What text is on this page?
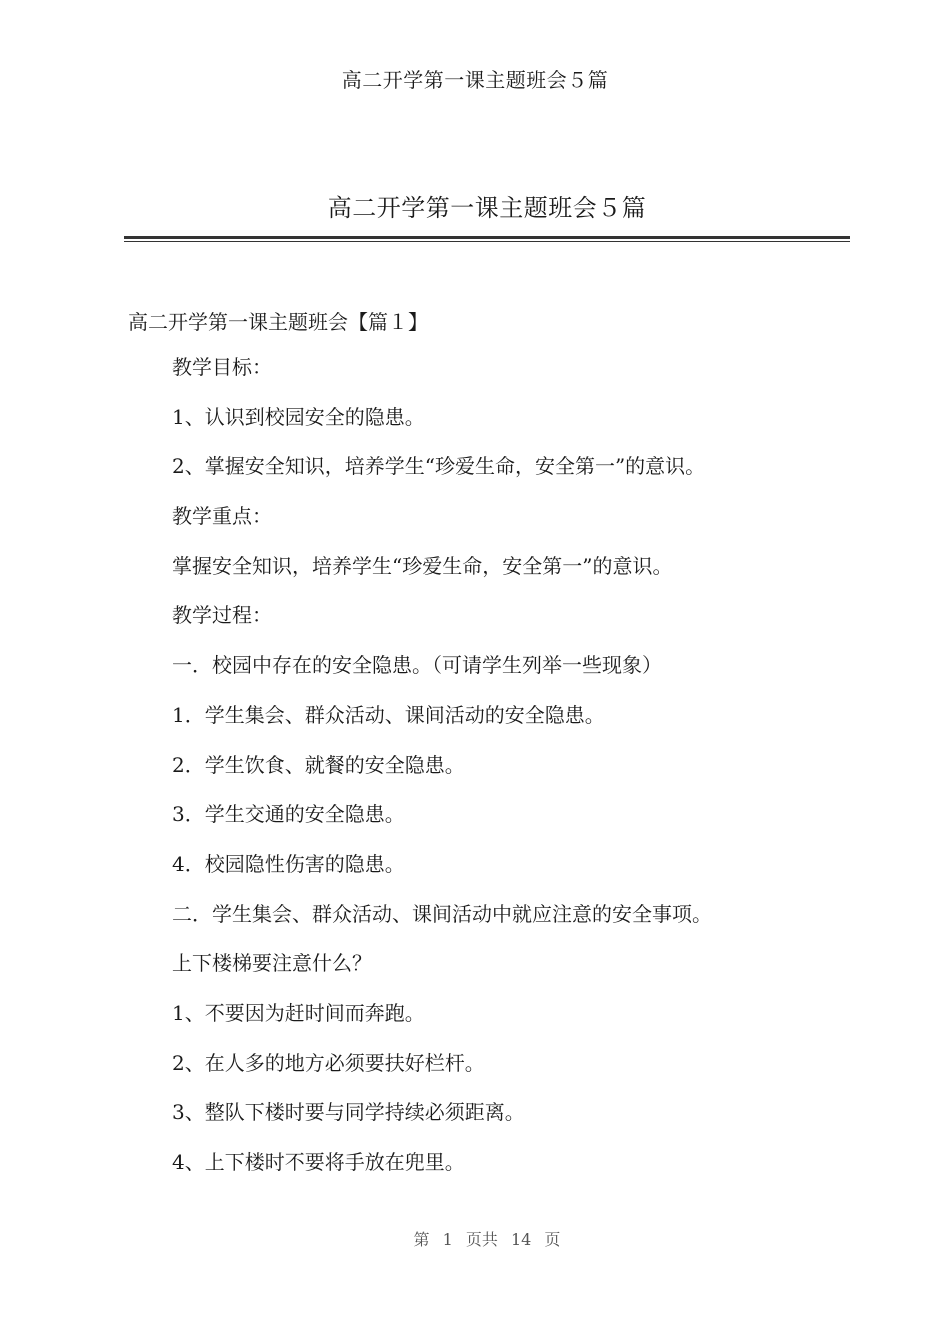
高二开学第一课主题班会５篇
高二开学第一课主题班会５篇
高二开学第一课主题班会【篇１】
教学目标：
1、认识到校园安全的隐患。
2、掌握安全知识，培养学生“珍爱生命，安全第一”的意识。
教学重点：
掌握安全知识，培养学生“珍爱生命，安全第一”的意识。
教学过程：
一．校园中存在的安全隐患。（可请学生列举一些现象）
1．学生集会、群众活动、课间活动的安全隐患。
2．学生饮食、就餐的安全隐患。
3．学生交通的安全隐患。
4．校园隐性伤害的隐患。
二．学生集会、群众活动、课间活动中就应注意的安全事项。
上下楼梯要注意什么？
1、不要因为赶时间而奔跑。
2、在人多的地方必须要扶好栏杆。
3、整队下楼时要与同学持续必须距离。
4、上下楼时不要将手放在兜里。
第 1 页共 14 页
